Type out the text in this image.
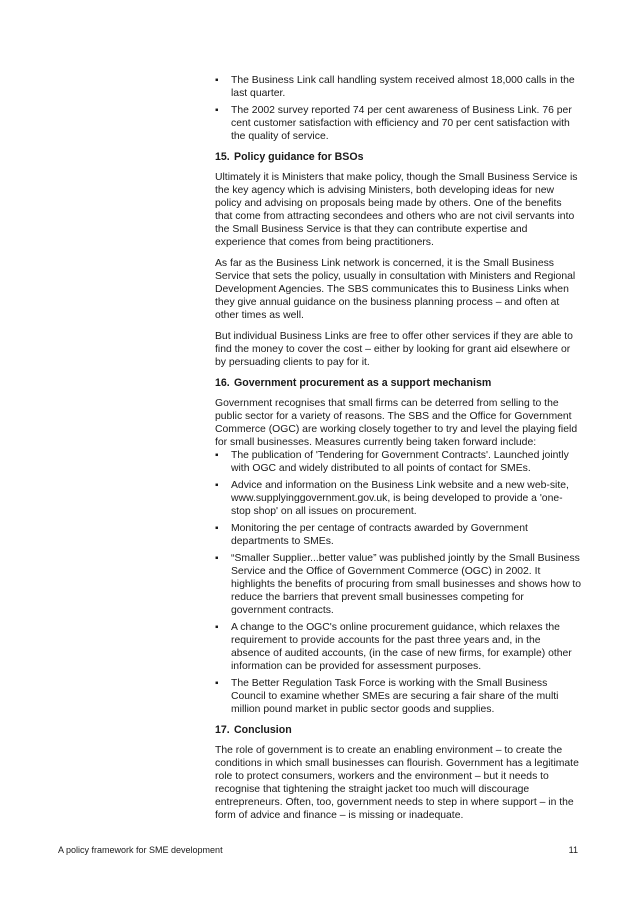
▪ The Business Link call handling system received almost 18,000 calls in the last quarter.
▪ The 2002 survey reported 74 per cent awareness of Business Link. 76 per cent customer satisfaction with efficiency and 70 per cent satisfaction with the quality of service.
15. Policy guidance for BSOs

Ultimately it is Ministers that make policy, though the Small Business Service is the key agency which is advising Ministers, both developing ideas for new policy and advising on proposals being made by others. One of the benefits that come from attracting secondees and others who are not civil servants into the Small Business Service is that they can contribute expertise and experience that comes from being practitioners.

As far as the Business Link network is concerned, it is the Small Business Service that sets the policy, usually in consultation with Ministers and Regional Development Agencies. The SBS communicates this to Business Links when they give annual guidance on the business planning process – and often at other times as well.

But individual Business Links are free to offer other services if they are able to find the money to cover the cost – either by looking for grant aid elsewhere or by persuading clients to pay for it.

16. Government procurement as a support mechanism

Government recognises that small firms can be deterred from selling to the public sector for a variety of reasons. The SBS and the Office for Government Commerce (OGC) are working closely together to try and level the playing field for small businesses. Measures currently being taken forward include:

▪ The publication of 'Tendering for Government Contracts'. Launched jointly with OGC and widely distributed to all points of contact for SMEs.
▪ Advice and information on the Business Link website and a new web-site, www.supplyinggovernment.gov.uk, is being developed to provide a 'one-stop shop' on all issues on procurement.
▪ Monitoring the per centage of contracts awarded by Government departments to SMEs.
▪ “Smaller Supplier...better value” was published jointly by the Small Business Service and the Office of Government Commerce (OGC) in 2002. It highlights the benefits of procuring from small businesses and shows how to reduce the barriers that prevent small businesses competing for government contracts.
▪ A change to the OGC's online procurement guidance, which relaxes the requirement to provide accounts for the past three years and, in the absence of audited accounts, (in the case of new firms, for example) other information can be provided for assessment purposes.
▪ The Better Regulation Task Force is working with the Small Business Council to examine whether SMEs are securing a fair share of the multi million pound market in public sector goods and supplies.
17. Conclusion

The role of government is to create an enabling environment – to create the conditions in which small businesses can flourish. Government has a legitimate role to protect consumers, workers and the environment – but it needs to recognise that tightening the straight jacket too much will discourage entrepreneurs. Often, too, government needs to step in where support – in the form of advice and finance – is missing or inadequate.

A policy framework for SME development	11
